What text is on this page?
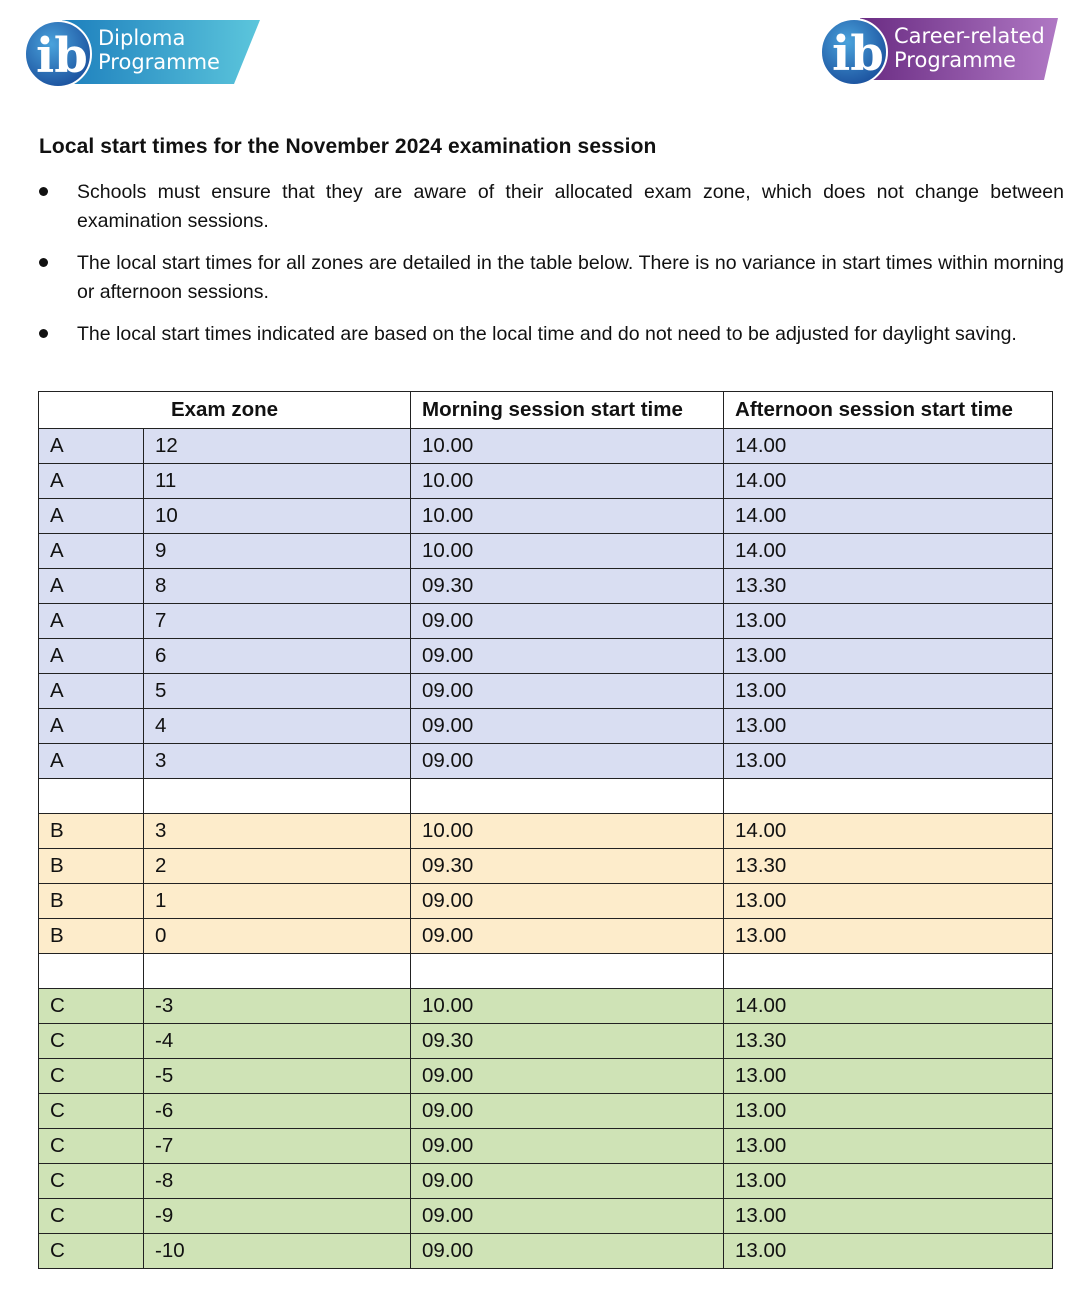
ib Diploma
Programme	ib Career-related
Programme
Local start times for the November 2024 examination session
Schools must ensure that they are aware of their allocated exam zone, which does not change between examination sessions.
The local start times for all zones are detailed in the table below. There is no variance in start times within morning or afternoon sessions.
The local start times indicated are based on the local time and do not need to be adjusted for daylight saving.
Exam zone		Morning session start time	Afternoon session start time
A	12	10.00	14.00
A	11	10.00	14.00
A	10	10.00	14.00
A	9	10.00	14.00
A	8	09.30	13.30
A	7	09.00	13.00
A	6	09.00	13.00
A	5	09.00	13.00
A	4	09.00	13.00
A	3	09.00	13.00

B	3	10.00	14.00
B	2	09.30	13.30
B	1	09.00	13.00
B	0	09.00	13.00

C	-3	10.00	14.00
C	-4	09.30	13.30
C	-5	09.00	13.00
C	-6	09.00	13.00
C	-7	09.00	13.00
C	-8	09.00	13.00
C	-9	09.00	13.00
C	-10	09.00	13.00
